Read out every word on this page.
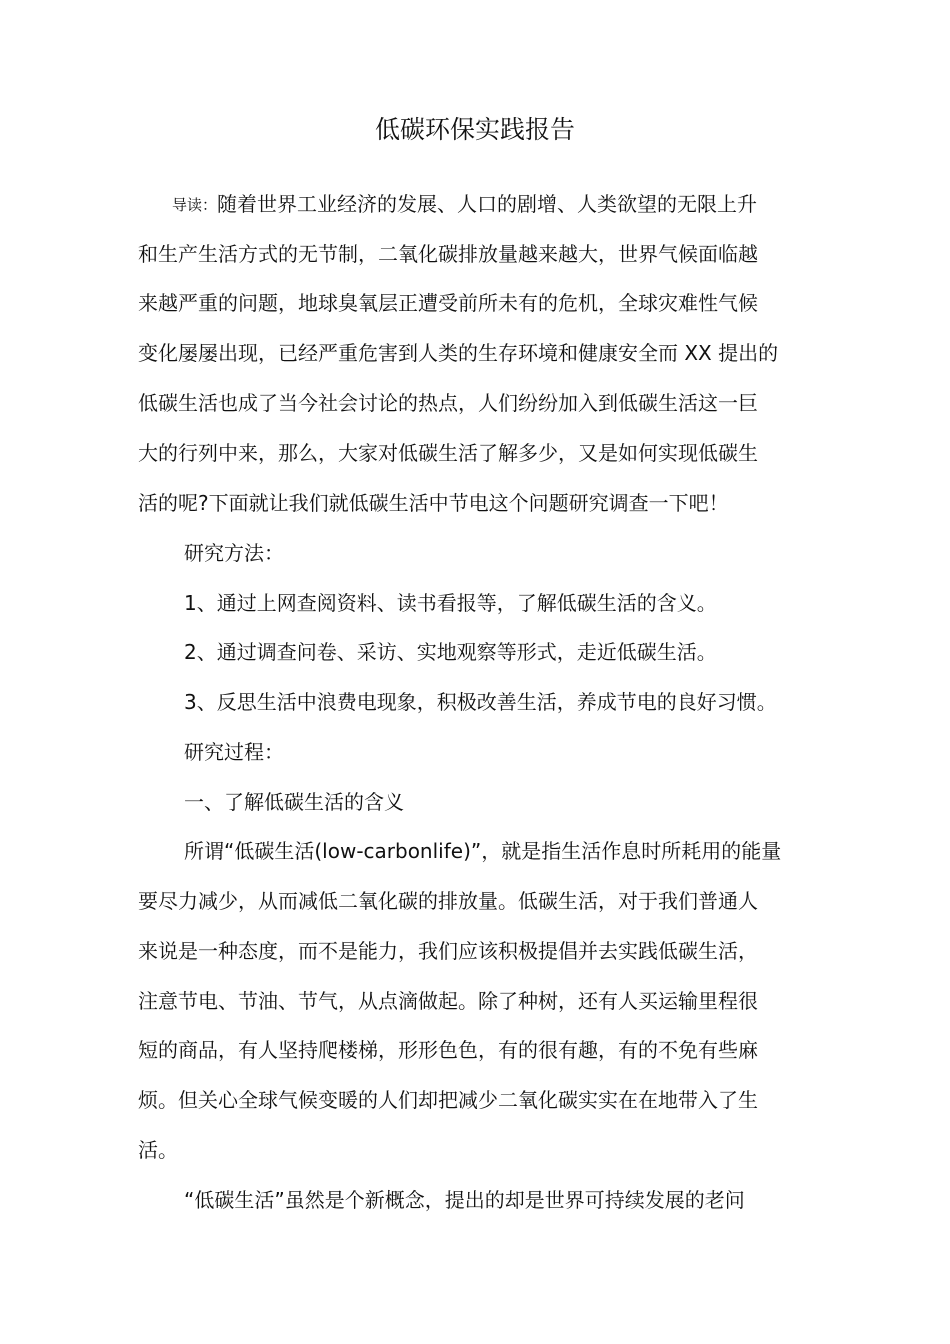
低碳环保实践报告
导读：随着世界工业经济的发展、人口的剧增、人类欲望的无限上升
和生产生活方式的无节制，二氧化碳排放量越来越大，世界气候面临越
来越严重的问题，地球臭氧层正遭受前所未有的危机，全球灾难性气候
变化屡屡出现，已经严重危害到人类的生存环境和健康安全而 XX 提出的
低碳生活也成了当今社会讨论的热点，人们纷纷加入到低碳生活这一巨
大的行列中来，那么，大家对低碳生活了解多少，又是如何实现低碳生
活的呢?下面就让我们就低碳生活中节电这个问题研究调查一下吧！
研究方法：
1、通过上网查阅资料、读书看报等，了解低碳生活的含义。
2、通过调查问卷、采访、实地观察等形式，走近低碳生活。
3、反思生活中浪费电现象，积极改善生活，养成节电的良好习惯。
研究过程：
一、了解低碳生活的含义
所谓“低碳生活(low-carbonlife)”，就是指生活作息时所耗用的能量
要尽力减少，从而减低二氧化碳的排放量。低碳生活，对于我们普通人
来说是一种态度，而不是能力，我们应该积极提倡并去实践低碳生活，
注意节电、节油、节气，从点滴做起。除了种树，还有人买运输里程很
短的商品，有人坚持爬楼梯，形形色色，有的很有趣，有的不免有些麻
烦。但关心全球气候变暖的人们却把减少二氧化碳实实在在地带入了生
活。
“低碳生活”虽然是个新概念，提出的却是世界可持续发展的老问
